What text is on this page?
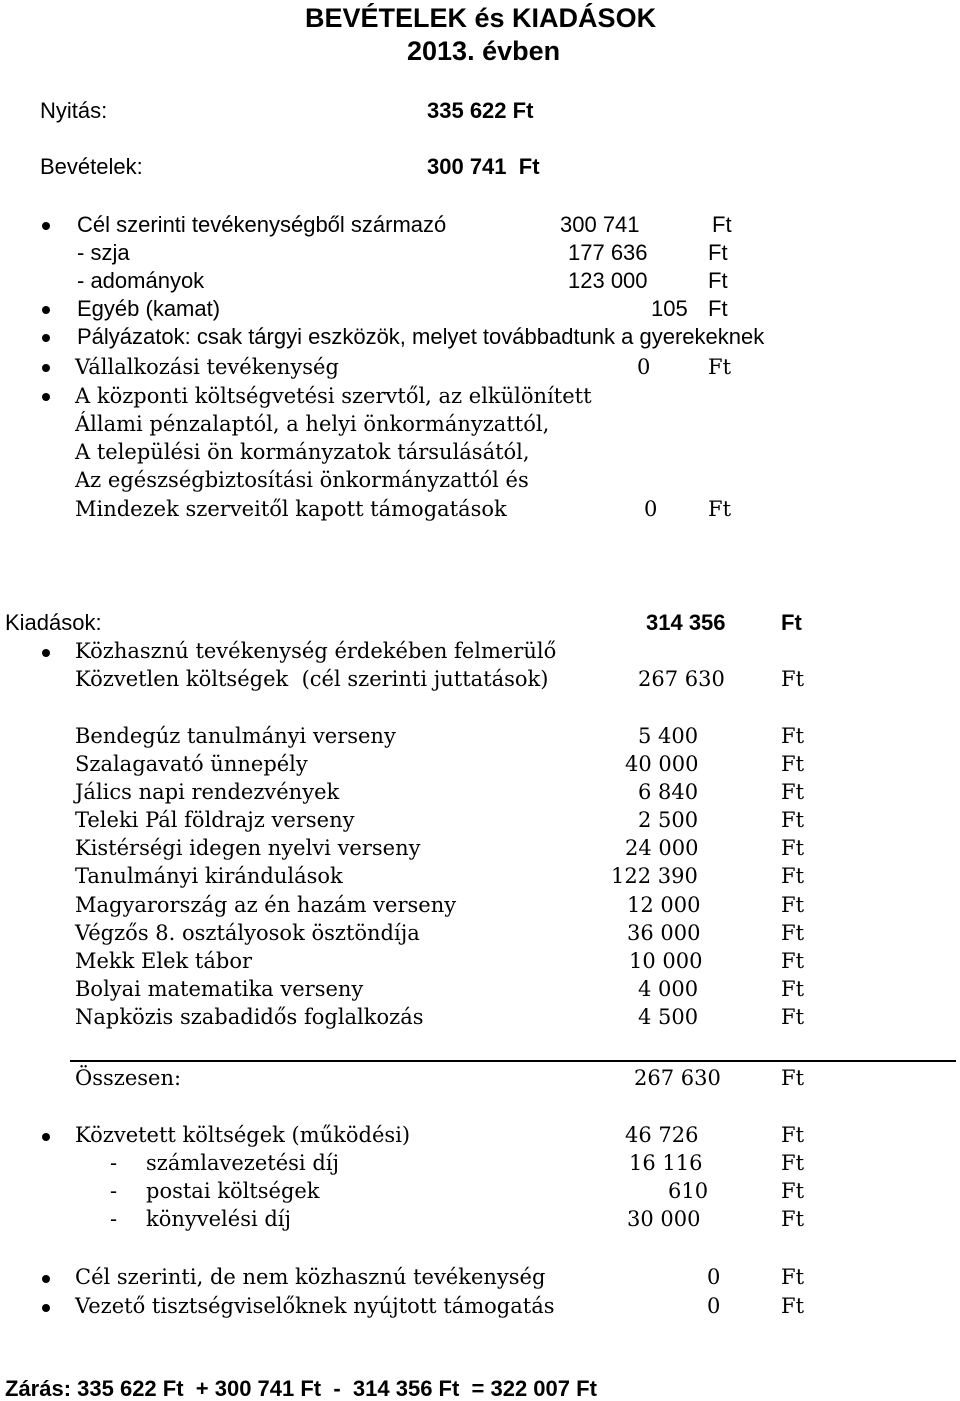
BEVÉTELEK és KIADÁSOK
2013. évben
Nyitás:	335 622 Ft
Bevételek:	300 741  Ft
Cél szerinti tevékenységből származó	300 741	Ft
- szja	177 636	Ft
- adományok	123 000	Ft
Egyéb (kamat)	105 Ft
Pályázatok: csak tárgyi eszközök, melyet továbbadtunk a gyerekeknek
Vállalkozási tevékenység	0	Ft
A központi költségvetési szervtől, az elkülönített
Állami pénzalaptól, a helyi önkormányzattól,
A települési ön kormányzatok társulásától,
Az egészségbiztosítási önkormányzattól és
Mindezek szerveitől kapott támogatások	0 Ft
Kiadások:	314 356	Ft
Közhasznú tevékenység érdekében felmerülő
Közvetlen költségek  (cél szerinti juttatások)	267 630	Ft
Bendegúz tanulmányi verseny	5 400	Ft
Szalagavató ünnepély	40 000	Ft
Jálics napi rendezvények	6 840	Ft
Teleki Pál földrajz verseny	2 500	Ft
Kistérségi idegen nyelvi verseny	24 000	Ft
Tanulmányi kirándulások	122 390	Ft
Magyarország az én hazám verseny	12 000	Ft
Végzős 8. osztályosok ösztöndíja	36 000	Ft
Mekk Elek tábor	10 000	Ft
Bolyai matematika verseny	4 000	Ft
Napközis szabadidős foglalkozás	4 500	Ft
Összesen:	267 630	Ft
Közvetett költségek (működési)	46 726	Ft
- számlavezetési díj	16 116	Ft
- postai költségek	610	Ft
- könyvelési díj	30 000	Ft
Cél szerinti, de nem közhasznú tevékenység	0	Ft
Vezető tisztségviselőknek nyújtott támogatás	0	Ft
Zárás: 335 622 Ft  + 300 741 Ft  -  314 356 Ft  = 322 007 Ft
